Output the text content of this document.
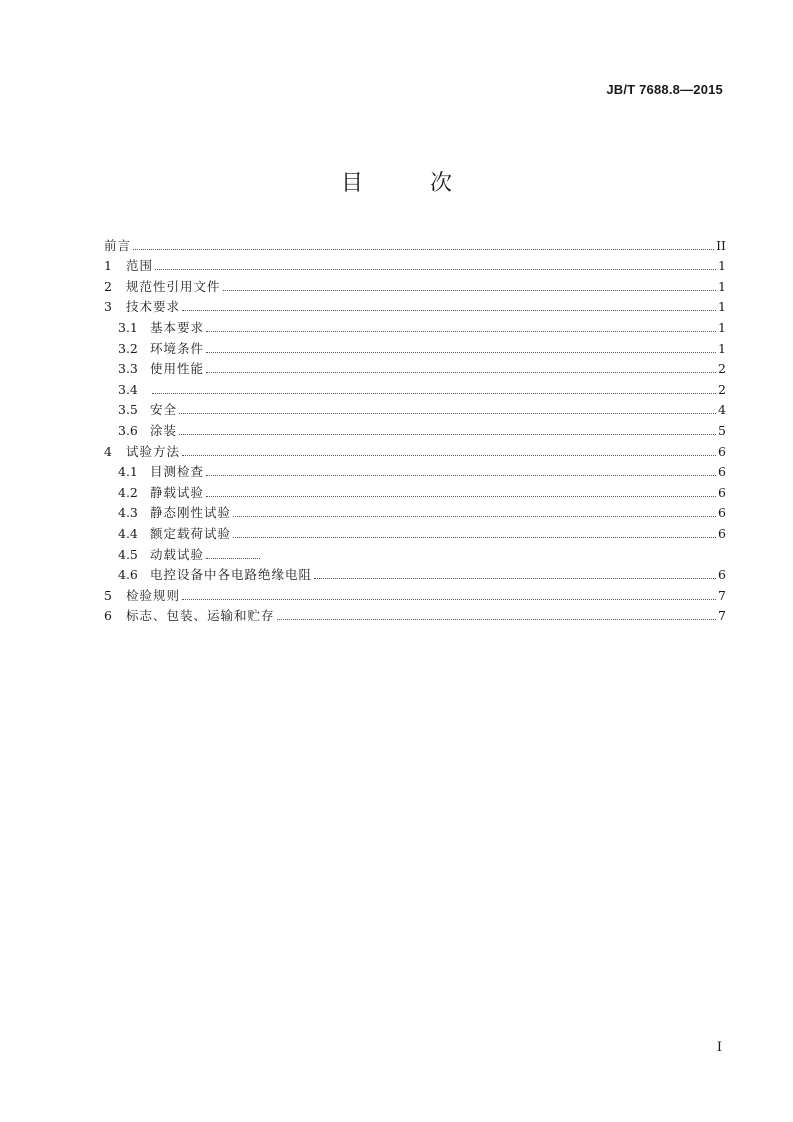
JB/T 7688.8—2015
目 次
前言	II
1	范围	1
2	规范性引用文件	1
3	技术要求	1
3.1 基本要求	1
3.2 环境条件	1
3.3 使用性能	2
3.4	2
3.5 安全	4
3.6 涂装	5
4	试验方法	6
4.1 目测检查	6
4.2 静载试验	6
4.3 静态刚性试验	6
4.4 额定载荷试验	6
4.5 动载试验
4.6 电控设备中各电路绝缘电阻	6
5	检验规则	7
6	标志、包装、运输和贮存	7
I
